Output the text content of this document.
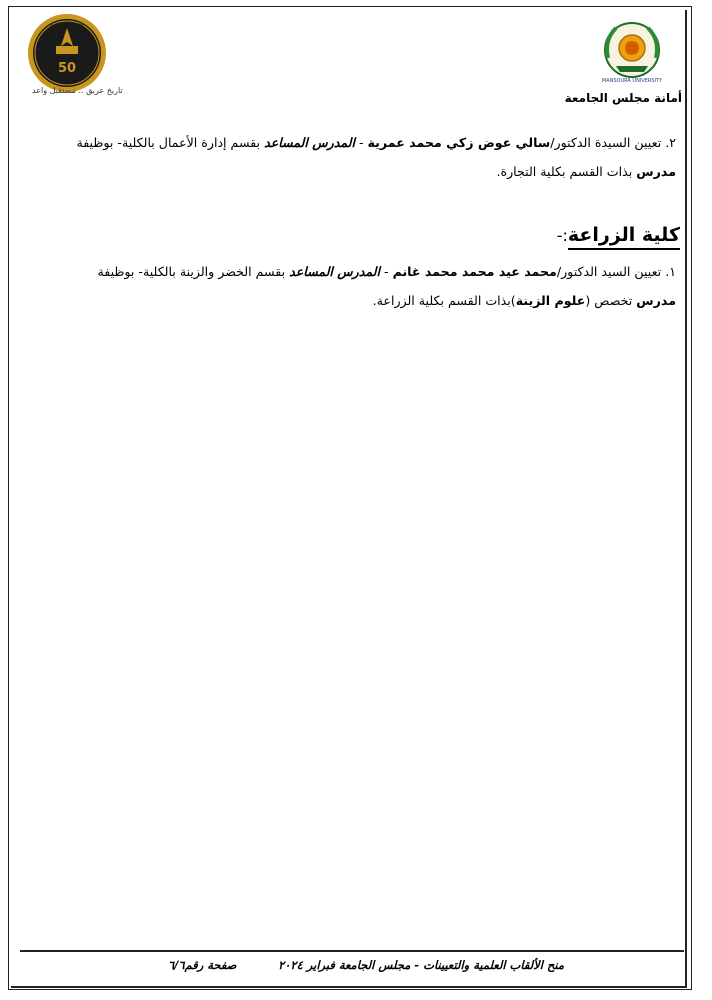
MANSOURA UNIVERSITY
50
جامعة المنصورة
تاريخ عريق .. مستقبل واعد
أمانة مجلس الجامعة
٢. تعيين السيدة الدكتور/سالي عوض زكي محمد عمرية - المدرس المساعد بقسم إدارة الأعمال بالكلية- بوظيفة
مدرس بذات القسم بكلية التجارة.
كلية الزراعة:-
١. تعيين السيد الدكتور/محمد عيد محمد محمد غانم - المدرس المساعد بقسم الخضر والزينة بالكلية- بوظيفة
مدرس تخصص (علوم الزينة)بذات القسم بكلية الزراعة.
منح الألقاب العلمية والتعيينات - مجلس الجامعة فبراير ٢٠٢٤
صفحة رقم٦/٦
